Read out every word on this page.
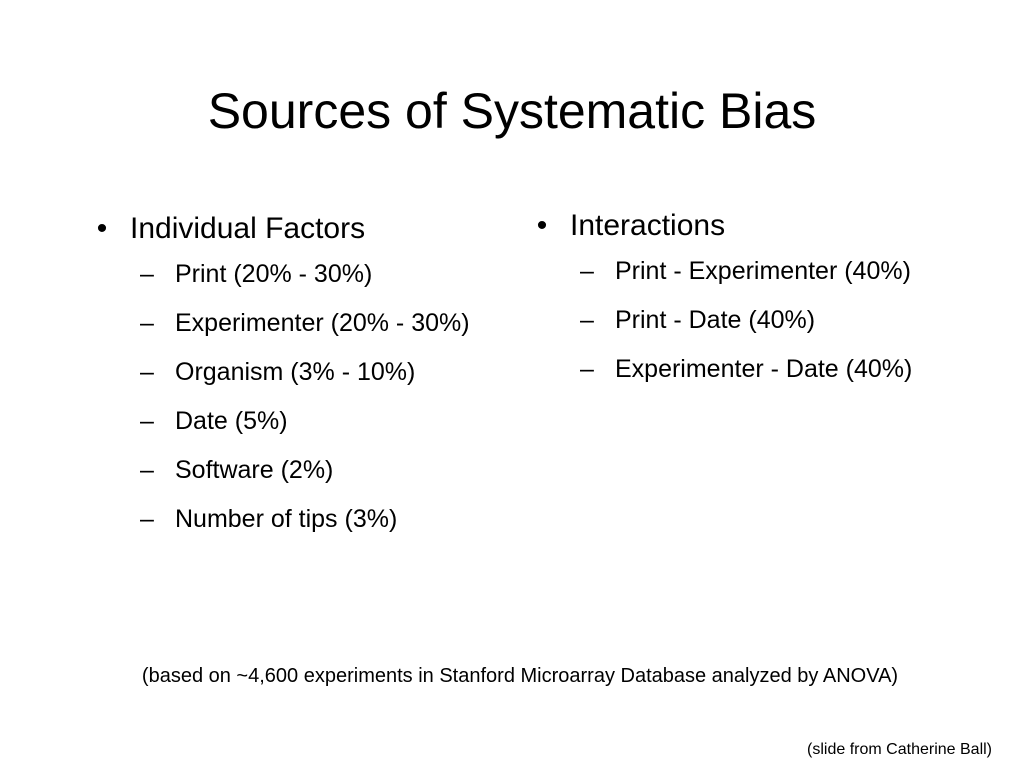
Sources of Systematic Bias
• Individual Factors
– Print (20% - 30%)
– Experimenter (20% - 30%)
– Organism (3% - 10%)
– Date (5%)
– Software (2%)
– Number of tips (3%)
• Interactions
– Print - Experimenter (40%)
– Print - Date (40%)
– Experimenter - Date (40%)

(based on ~4,600 experiments in Stanford Microarray Database analyzed by ANOVA)

(slide from Catherine Ball)
